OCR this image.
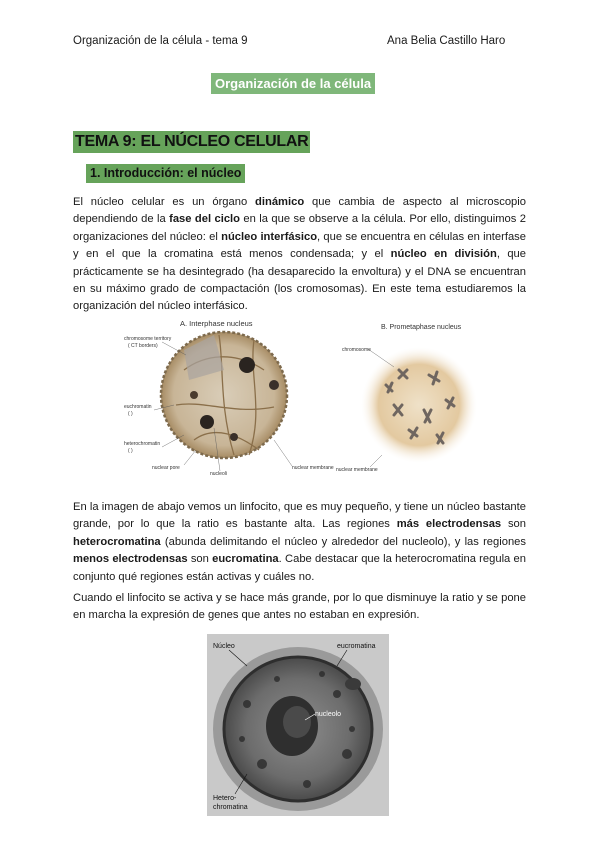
Organización de la célula - tema 9	Ana Belia Castillo Haro
Organización de la célula
TEMA 9: EL NÚCLEO CELULAR
1. Introducción: el núcleo

El núcleo celular es un órgano dinámico que cambia de aspecto al microscopio dependiendo de la fase del ciclo en la que se observe a la célula. Por ello, distinguimos 2 organizaciones del núcleo: el núcleo interfásico, que se encuentra en células en interfase y en el que la cromatina está menos condensada; y el núcleo en división, que prácticamente se ha desintegrado (ha desaparecido la envoltura) y el DNA se encuentran en su máximo grado de compactación (los cromosomas). En este tema estudiaremos la organización del núcleo interfásico.

A. Interphase nucleus	B. Prometaphase nucleus
chromosome territory
( CT borders)
euchromatin
( )
heterochromatin
( )
nuclear pore
nucleoli
nuclear membrane
chromosome
nuclear membrane

En la imagen de abajo vemos un linfocito, que es muy pequeño, y tiene un núcleo bastante grande, por lo que la ratio es bastante alta. Las regiones más electrodensas son heterocromatina (abunda delimitando el núcleo y alrededor del nucleolo), y las regiones menos electrodensas son eucromatina. Cabe destacar que la heterocromatina regula en conjunto qué regiones están activas y cuáles no.

Cuando el linfocito se activa y se hace más grande, por lo que disminuye la ratio y se pone en marcha la expresión de genes que antes no estaban en expresión.

Núcleo	eucromatina
nucleolo
Hetero-
chromatina
